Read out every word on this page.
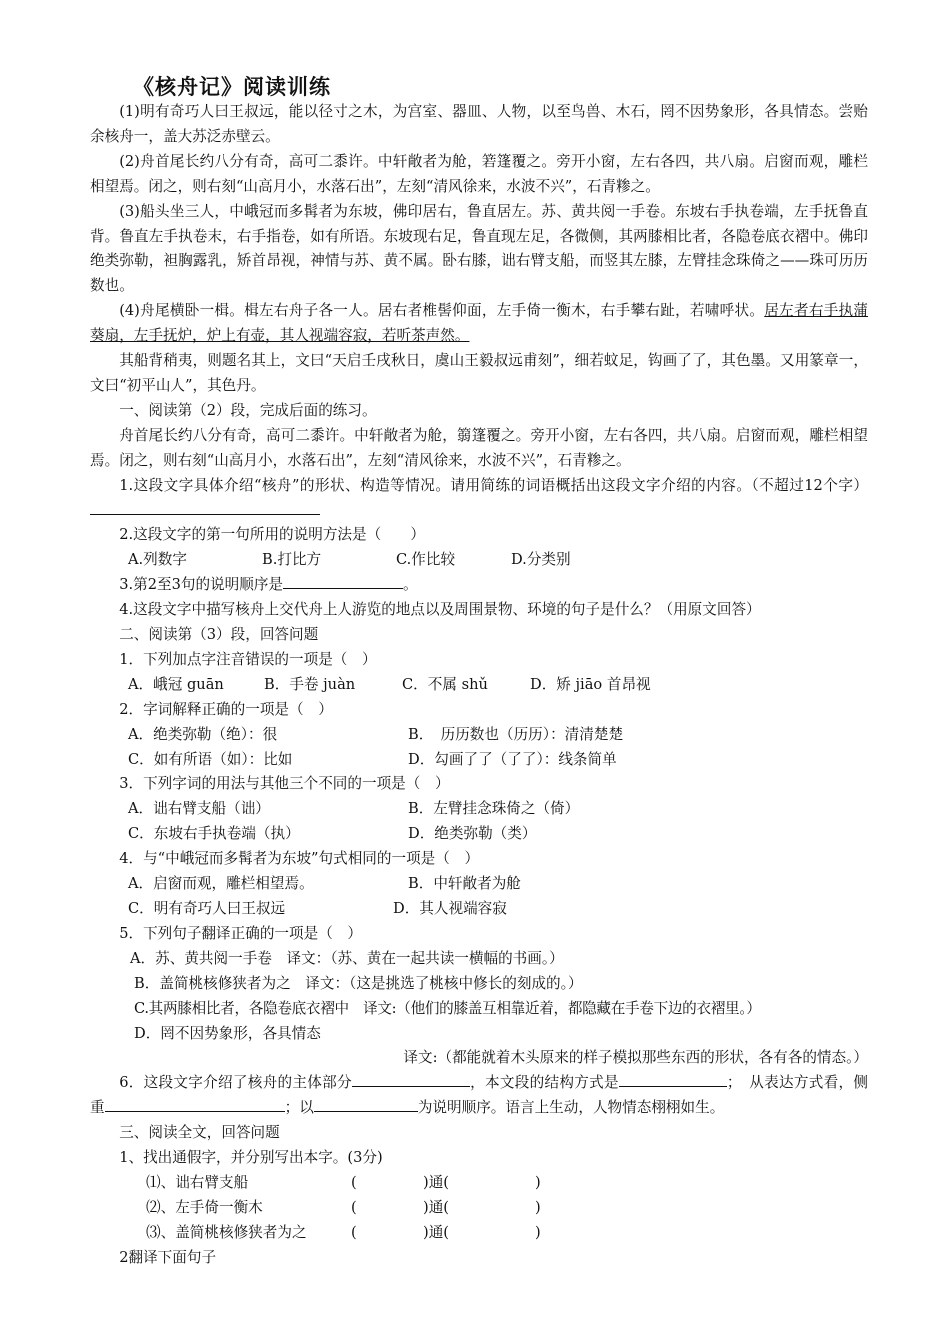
《核舟记》阅读训练

(1)明有奇巧人曰王叔远，能以径寸之木，为宫室、器皿、人物，以至鸟兽、木石，罔不因势象形，各具情态。尝贻余核舟一，盖大苏泛赤壁云。

(2)舟首尾长约八分有奇，高可二黍许。中轩敞者为舱，箬篷覆之。旁开小窗，左右各四，共八扇。启窗而观，雕栏相望焉。闭之，则右刻“山高月小，水落石出”，左刻“清风徐来，水波不兴”，石青糁之。

(3)船头坐三人，中峨冠而多髯者为东坡，佛印居右，鲁直居左。苏、黄共阅一手卷。东坡右手执卷端，左手抚鲁直背。鲁直左手执卷末，右手指卷，如有所语。东坡现右足，鲁直现左足，各微侧，其两膝相比者，各隐卷底衣褶中。佛印绝类弥勒，袒胸露乳，矫首昂视，神情与苏、黄不属。卧右膝，诎右臂支船，而竖其左膝，左臂挂念珠倚之——珠可历历数也。

(4)舟尾横卧一楫。楫左右舟子各一人。居右者椎髻仰面，左手倚一衡木，右手攀右趾，若啸呼状。居左者右手执蒲葵扇，左手抚炉，炉上有壶，其人视端容寂，若听茶声然。

其船背稍夷，则题名其上，文曰“天启壬戌秋日，虞山王毅叔远甫刻”，细若蚊足，钩画了了，其色墨。又用篆章一，文曰“初平山人”，其色丹。

一、阅读第（2）段，完成后面的练习。

舟首尾长约八分有奇，高可二黍许。中轩敞者为舱，篛篷覆之。旁开小窗，左右各四，共八扇。启窗而观，雕栏相望焉。闭之，则右刻“山高月小，水落石出”，左刻“清风徐来，水波不兴”，石青糁之。

1.这段文字具体介绍“核舟”的形状、构造等情况。请用简练的词语概括出这段文字介绍的内容。（不超过12个字）

2.这段文字的第一句所用的说明方法是（　　）

A.列数字	B.打比方	C.作比较	D.分类别

3.第2至3句的说明顺序是	。

4.这段文字中描写核舟上交代舟上人游览的地点以及周围景物、环境的句子是什么？（用原文回答）

二、阅读第（3）段，回答问题

1．下列加点字注音错误的一项是（　）

A．峨冠 guān	B．手卷 juàn	C．不属 shǔ	D．矫 jiāo 首昂视

2．字词解释正确的一项是（　）

A．绝类弥勒（绝）：很	B．　历历数也（历历）：清清楚楚
C．如有所语（如）：比如	D．勾画了了（了了）：线条简单

3．下列字词的用法与其他三个不同的一项是（　）

A．诎右臂支船（诎）	B．左臂挂念珠倚之（倚）
C．东坡右手执卷端（执）	D．绝类弥勒（类）

4．与“中峨冠而多髯者为东坡”句式相同的一项是（　）

A．启窗而观，雕栏相望焉。	B．中轩敞者为舱
C．明有奇巧人曰王叔远	D．其人视端容寂

5．下列句子翻译正确的一项是（　）

A．苏、黄共阅一手卷　译文：（苏、黄在一起共读一横幅的书画。）

B．盖简桃核修狭者为之　译文：（这是挑选了桃核中修长的刻成的。）

C.其两膝相比者，各隐卷底衣褶中　译文:（他们的膝盖互相靠近着，都隐藏在手卷下边的衣褶里。）

D．罔不因势象形，各具情态

译文:（都能就着木头原来的样子模拟那些东西的形状，各有各的情态。）

6．这段文字介绍了核舟的主体部分	，本文段的结构方式是	；　从表达方式看，侧重	；以	为说明顺序。语言上生动，人物情态栩栩如生。

三、阅读全文，回答问题

1、找出通假字，并分别写出本字。(3分)

⑴、诎右臂支船	(	)通(	)
⑵、左手倚一衡木	(	)通(	)
⑶、盖简桃核修狭者为之	(	)通(	)

2翻译下面句子
